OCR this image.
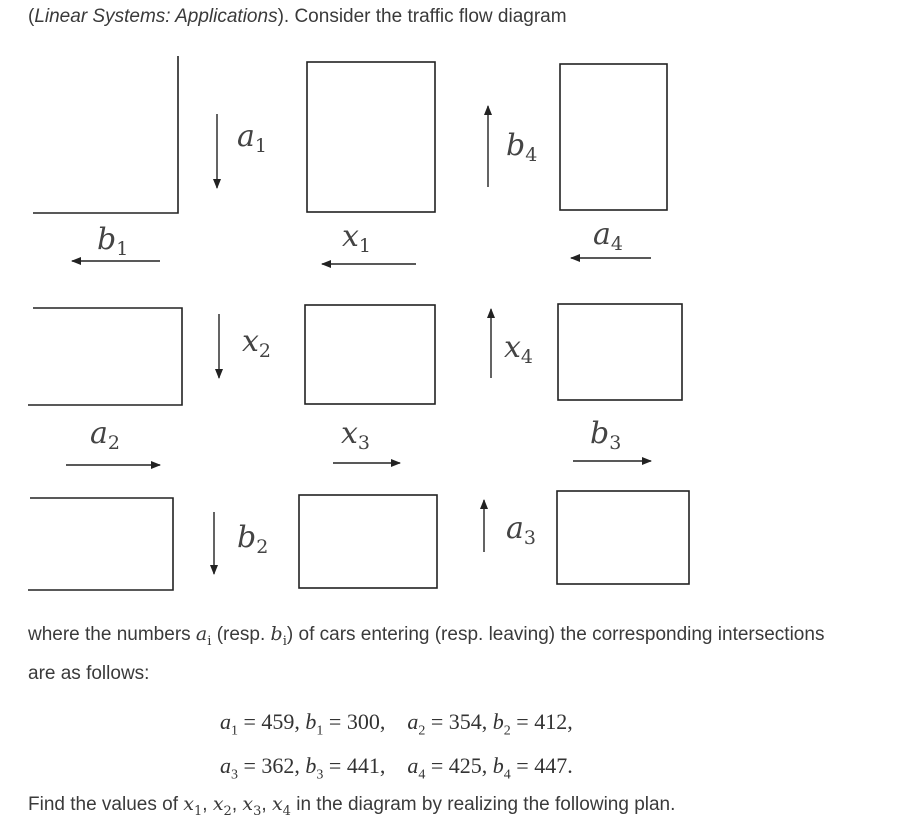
(Linear Systems: Applications). Consider the traffic flow diagram
$a_1$	$b_4$
$b_1$	$x_1$	$a_4$
$x_2$	$x_4$
$a_2$	$x_3$	$b_3$
$b_2$
$a_3$
where the numbers $a_i$ (resp. $b_i$) of cars entering (resp. leaving) the corresponding intersections are as follows:
$a_1 = 459$, $b_1 = 300$,    $a_2 = 354$, $b_2 = 412$,
$a_3 = 362$, $b_3 = 441$,    $a_4 = 425$, $b_4 = 447$.
Find the values of $x_1$, $x_2$, $x_3$, $x_4$ in the diagram by realizing the following plan.
